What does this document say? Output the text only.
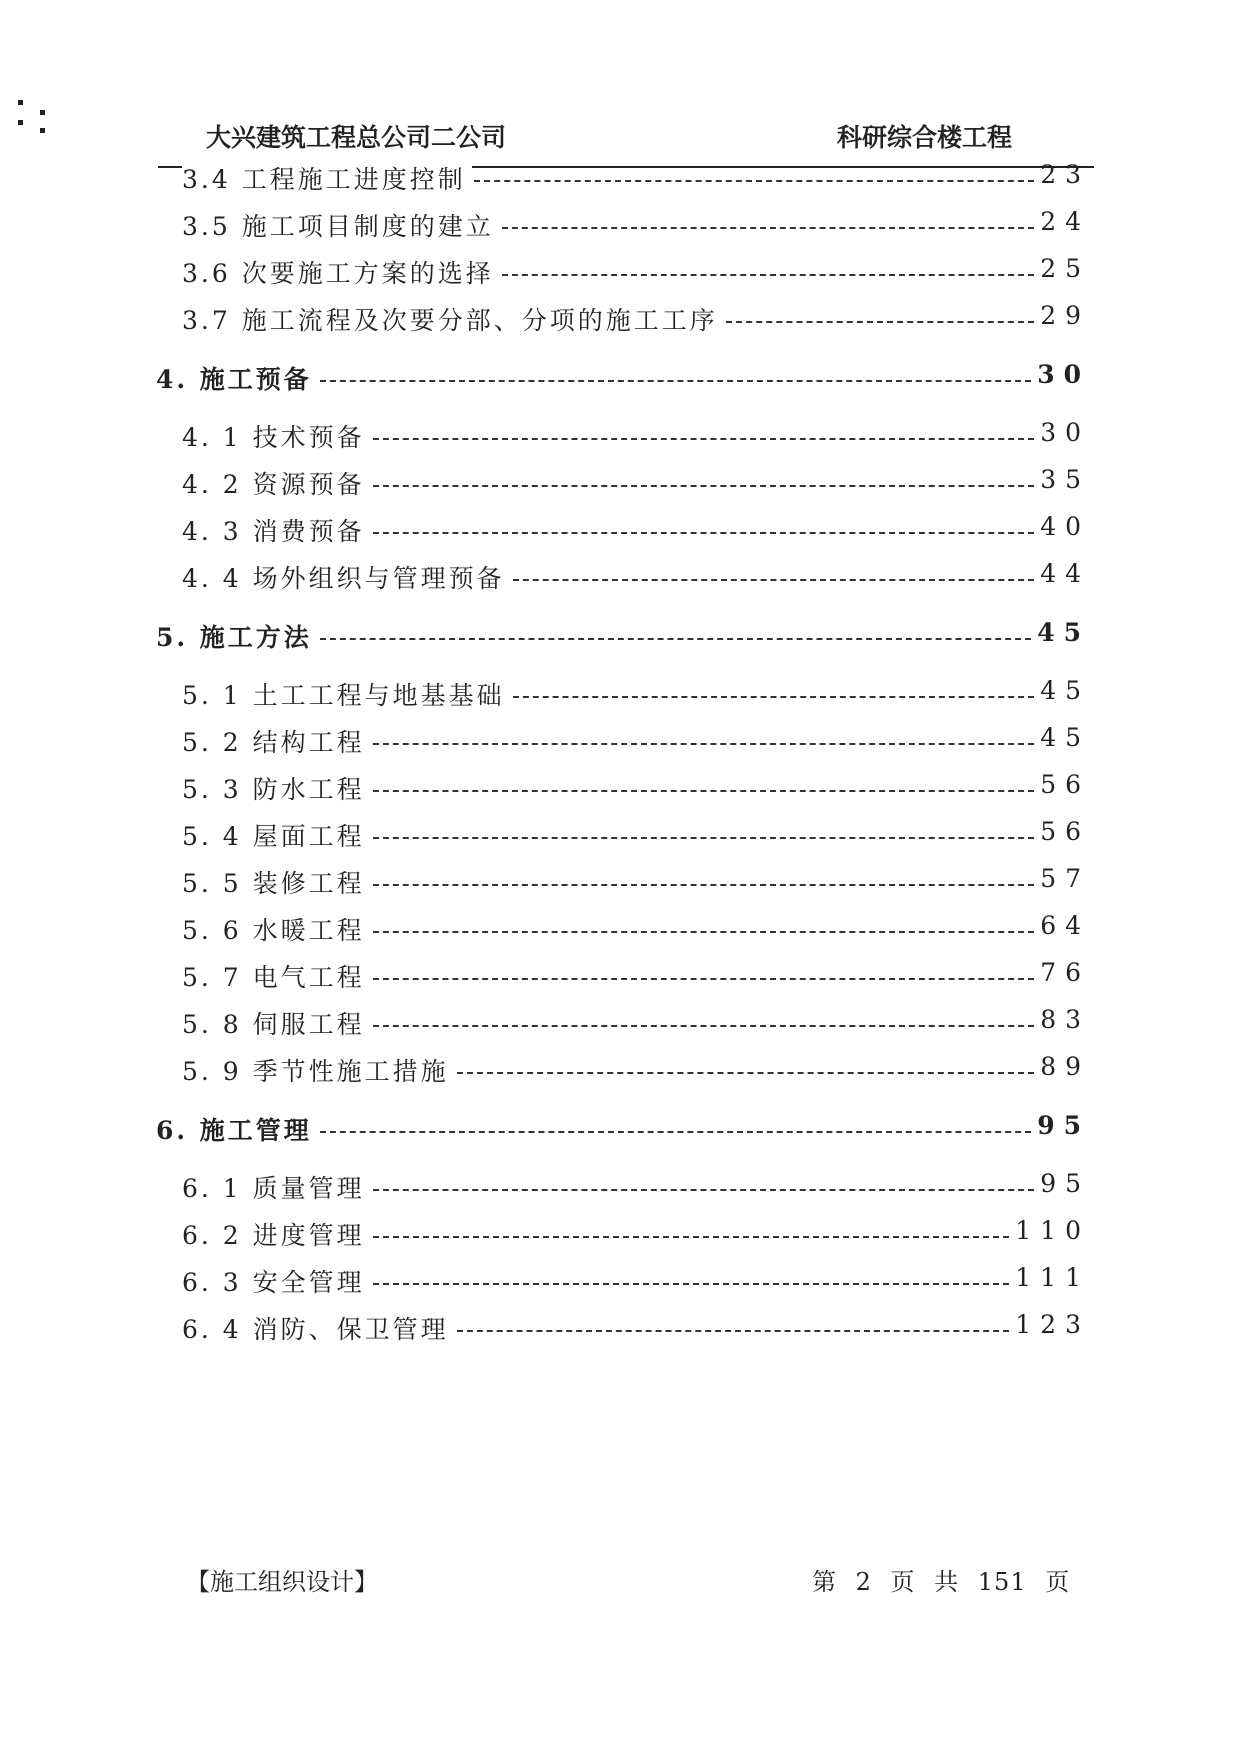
大兴建筑工程总公司二公司	科研综合楼工程
3.4 工程施工进度控制	23
3.5 施工项目制度的建立	24
3.6 次要施工方案的选择	25
3.7 施工流程及次要分部、分项的施工工序	29
4. 施工预备	30
4. 1 技术预备	30
4. 2 资源预备	35
4. 3 消费预备	40
4. 4 场外组织与管理预备	44
5. 施工方法	45
5. 1 土工工程与地基基础	45
5. 2 结构工程	45
5. 3 防水工程	56
5. 4 屋面工程	56
5. 5 装修工程	57
5. 6 水暖工程	64
5. 7 电气工程	76
5. 8 伺服工程	83
5. 9 季节性施工措施	89
6. 施工管理	95
6. 1 质量管理	95
6. 2 进度管理	110
6. 3 安全管理	111
6. 4 消防、保卫管理	123
【施工组织设计】	第 2 页 共 151 页
